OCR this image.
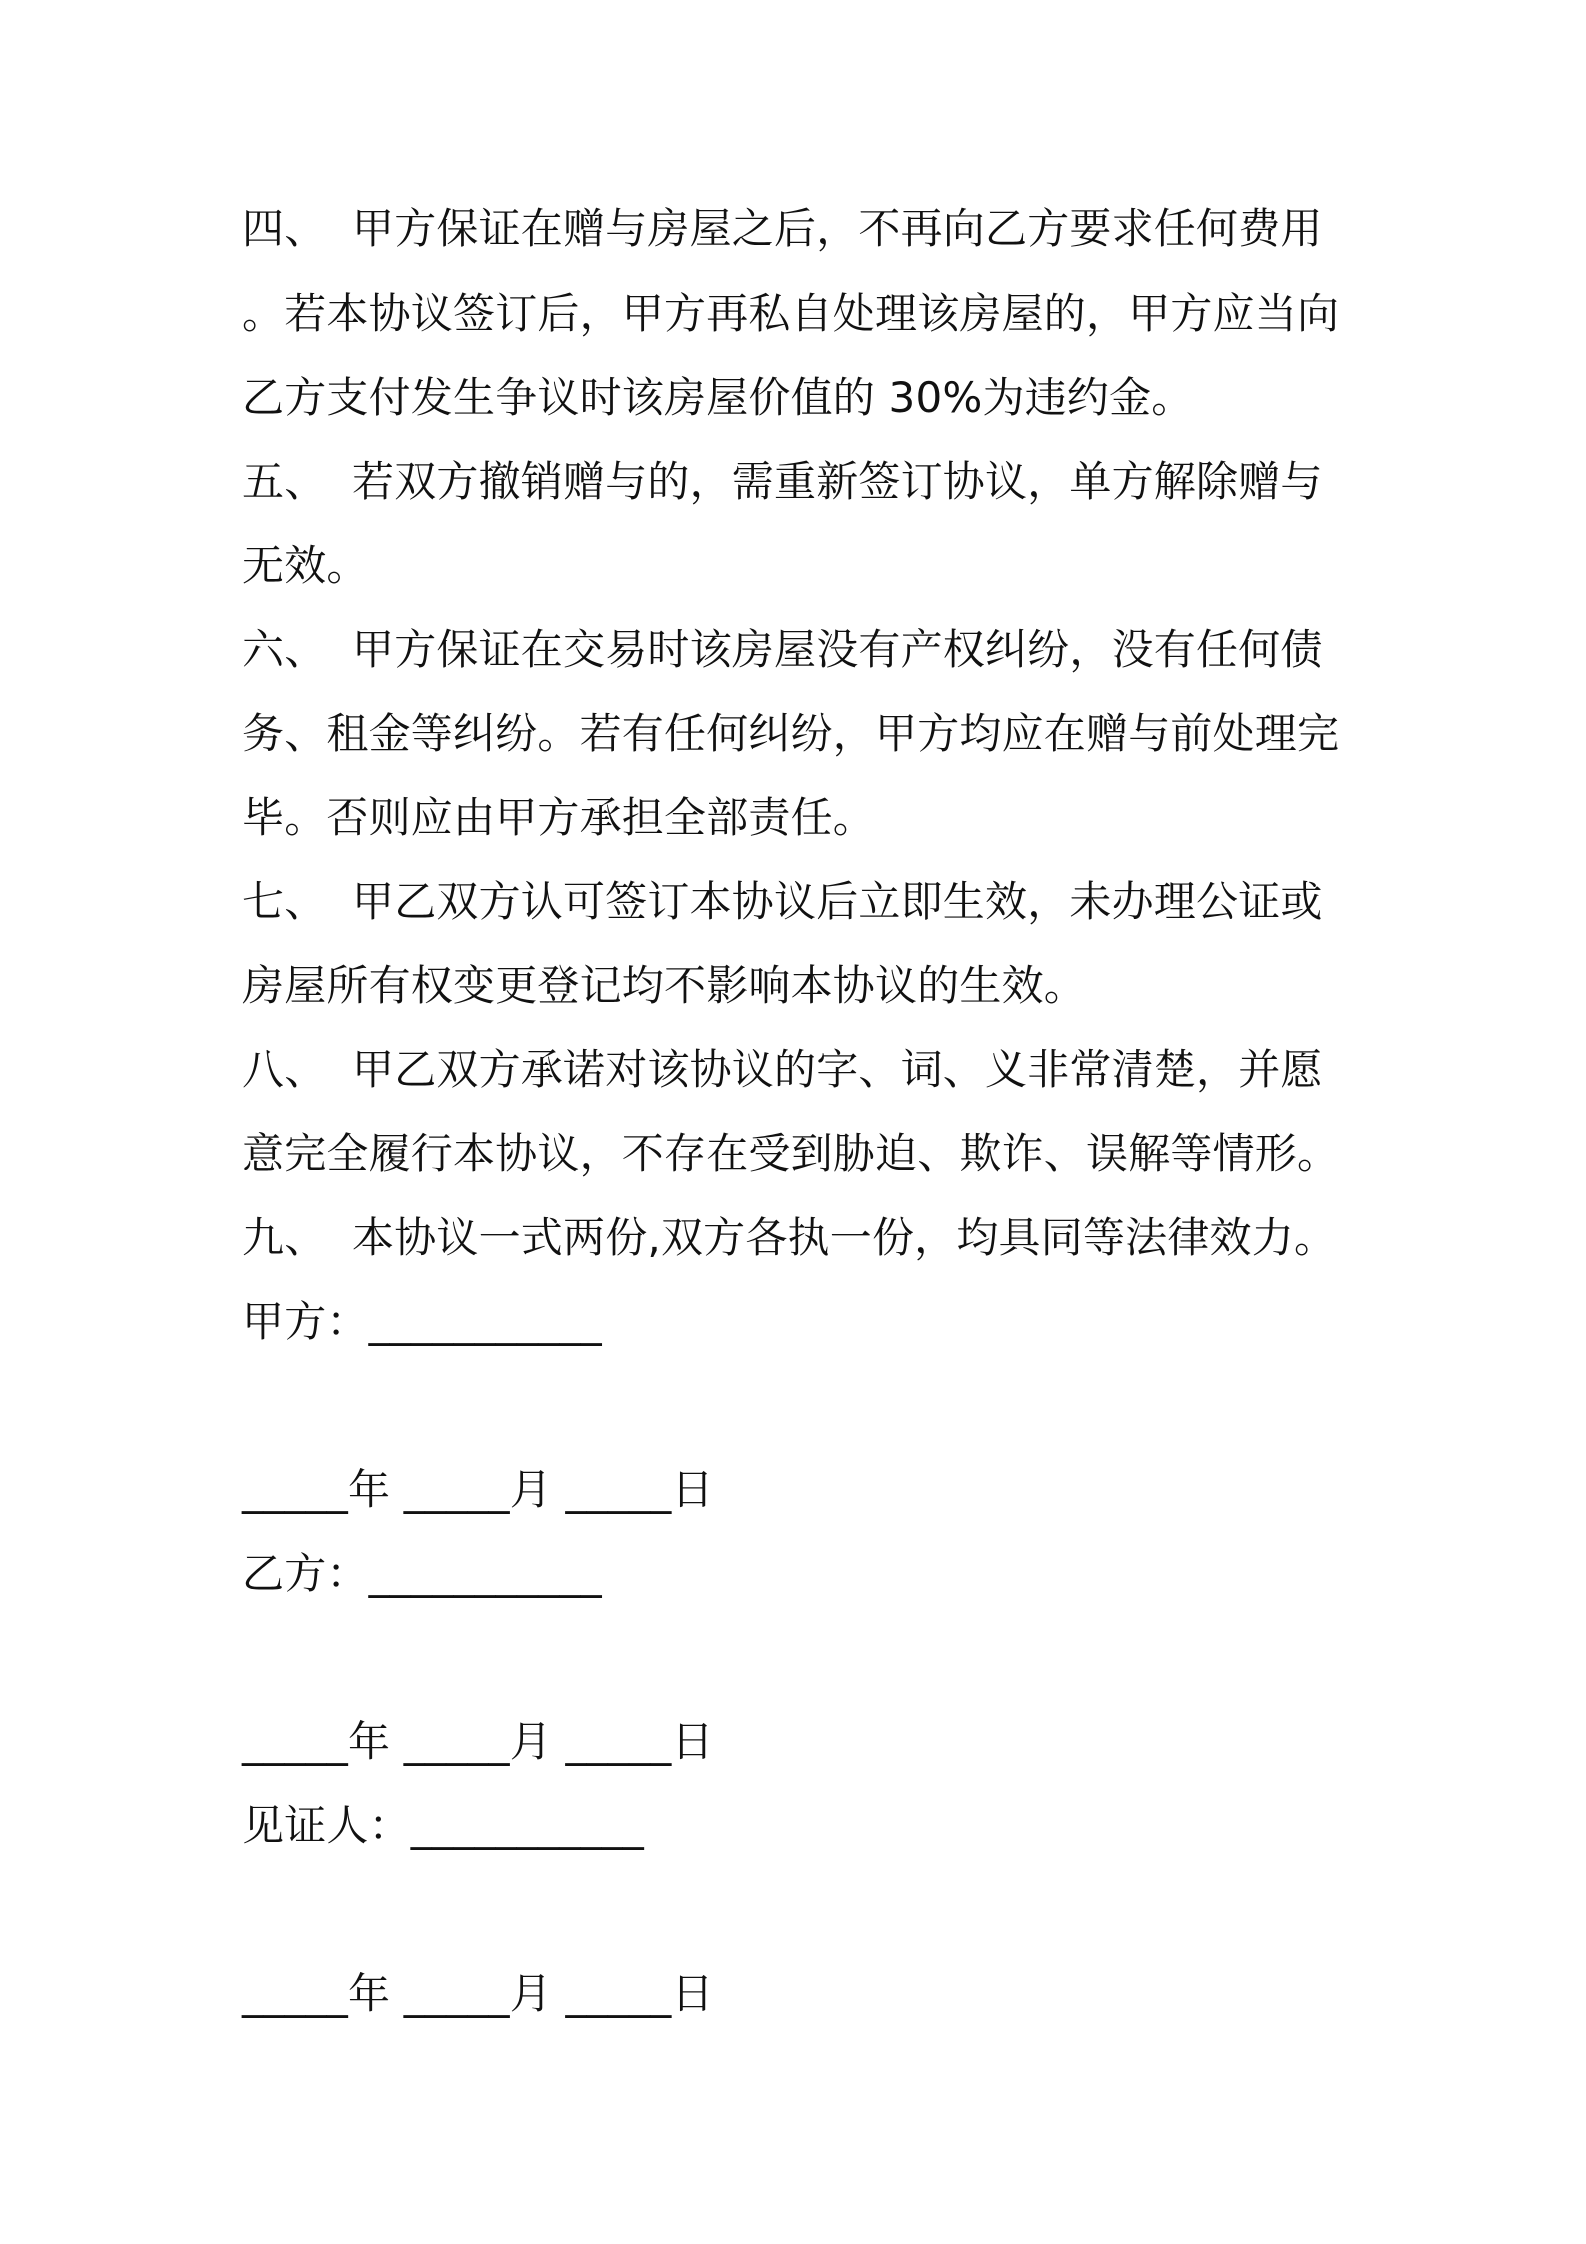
四、 甲方保证在赠与房屋之后，不再向乙方要求任何费用
。若本协议签订后，甲方再私自处理该房屋的，甲方应当向
乙方支付发生争议时该房屋价值的 30%为违约金。
五、 若双方撤销赠与的，需重新签订协议，单方解除赠与
无效。
六、 甲方保证在交易时该房屋没有产权纠纷，没有任何债
务、租金等纠纷。若有任何纠纷，甲方均应在赠与前处理完
毕。否则应由甲方承担全部责任。
七、 甲乙双方认可签订本协议后立即生效，未办理公证或
房屋所有权变更登记均不影响本协议的生效。
八、 甲乙双方承诺对该协议的字、词、义非常清楚，并愿
意完全履行本协议，不存在受到胁迫、欺诈、误解等情形。
九、 本协议一式两份,双方各执一份，均具同等法律效力。
甲方：___________
_____年 _____月 _____日
乙方：___________
_____年 _____月 _____日
见证人：___________
_____年 _____月 _____日
